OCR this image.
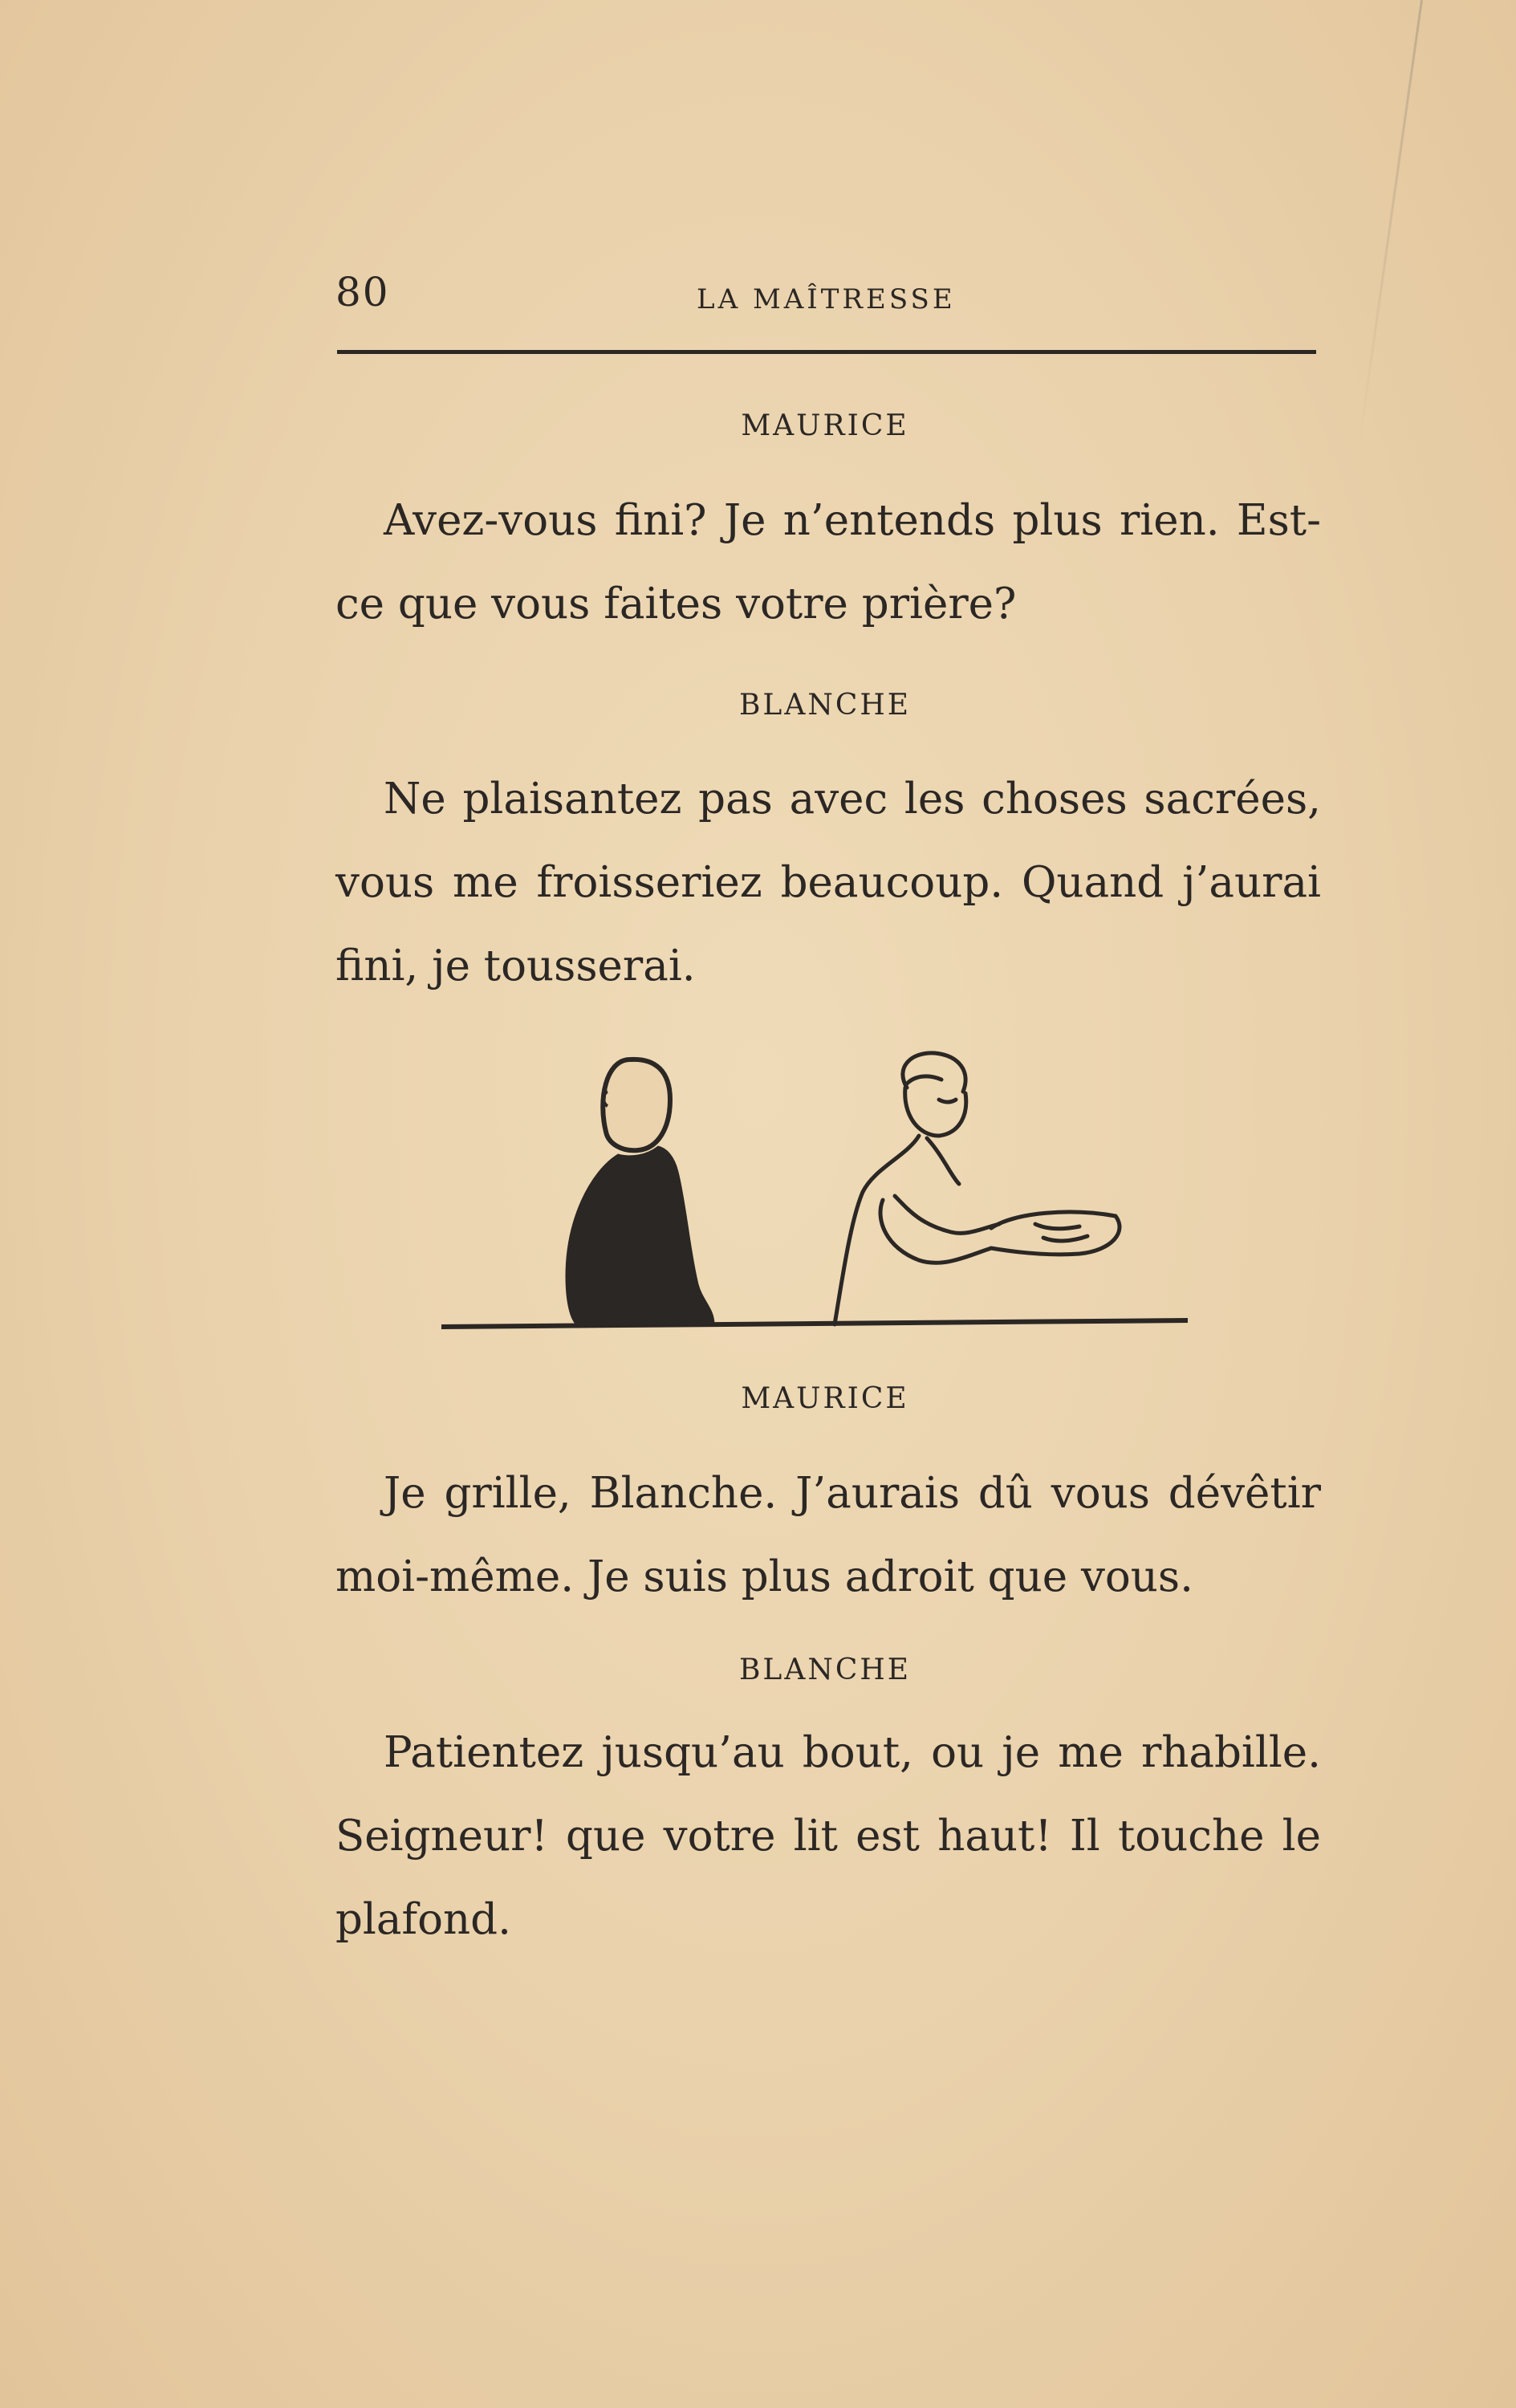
80	LA MAÎTRESSE
MAURICE

Avez-vous fini? Je n’entends plus rien. Est-ce que vous faites votre prière?

BLANCHE

Ne plaisantez pas avec les choses sacrées, vous me froisseriez beaucoup. Quand j’aurai fini, je tousserai.

MAURICE

Je grille, Blanche. J’aurais dû vous dévêtir moi-même. Je suis plus adroit que vous.

BLANCHE

Patientez jusqu’au bout, ou je me rhabille. Seigneur! que votre lit est haut! Il touche le plafond.
